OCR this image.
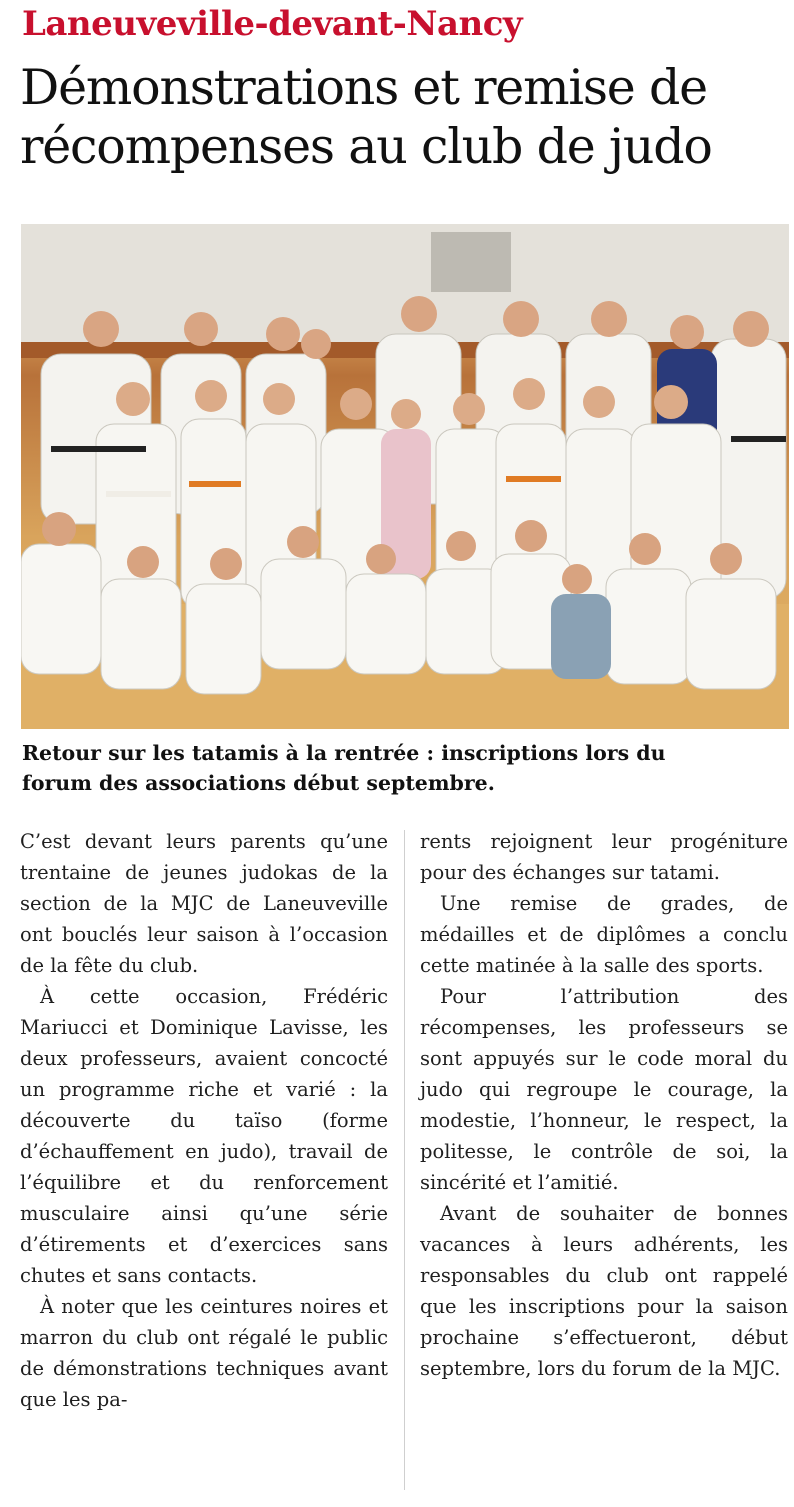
Laneuveville-devant-Nancy
Démonstrations et remise de
récompenses au club de judo
Retour sur les tatamis à la rentrée : inscriptions lors du
forum des associations début septembre.

C’est devant leurs parents qu’une trentaine de jeunes judokas de la section de la MJC de Laneuveville ont bouclés leur saison à l’occasion de la fête du club.

À cette occasion, Frédéric Mariucci et Dominique Lavisse, les deux professeurs, avaient concocté un programme riche et varié : la découverte du taïso (forme d’échauffement en judo), travail de l’équilibre et du renforcement musculaire ainsi qu’une série d’étirements et d’exercices sans chutes et sans contacts.

À noter que les ceintures noires et marron du club ont régalé le public de démonstrations techniques avant que les pa-

rents rejoignent leur progéniture pour des échanges sur tatami.

Une remise de grades, de médailles et de diplômes a conclu cette matinée à la salle des sports.

Pour l’attribution des récompenses, les professeurs se sont appuyés sur le code moral du judo qui regroupe le courage, la modestie, l’honneur, le respect, la politesse, le contrôle de soi, la sincérité et l’amitié.

Avant de souhaiter de bonnes vacances à leurs adhérents, les responsables du club ont rappelé que les inscriptions pour la saison prochaine s’effectueront, début septembre, lors du forum de la MJC.
